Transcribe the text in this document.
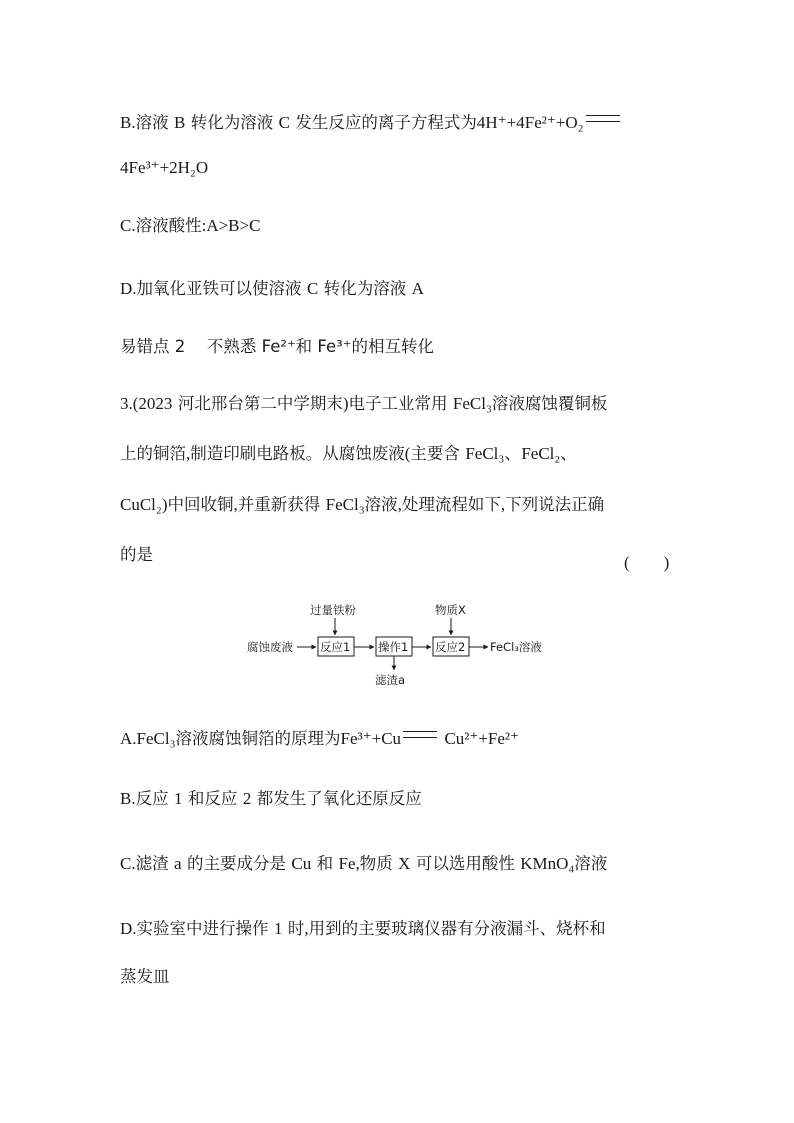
B.溶液 B 转化为溶液 C 发生反应的离子方程式为4H⁺+4Fe²⁺+O₂
4Fe³⁺+2H₂O
C.溶液酸性:A>B>C
D.加氧化亚铁可以使溶液 C 转化为溶液 A
易错点 2 不熟悉 Fe²⁺和 Fe³⁺的相互转化
3.(2023 河北邢台第二中学期末)电子工业常用 FeCl₃溶液腐蚀覆铜板
上的铜箔,制造印刷电路板。从腐蚀废液(主要含 FeCl₃、FeCl₂、
CuCl₂)中回收铜,并重新获得 FeCl₃溶液,处理流程如下,下列说法正确
的是	(　　)
腐蚀废液
过量铁粉
反应1 操作1
滤渣a
物质X
反应2 FeCl₃溶液
A.FeCl₃溶液腐蚀铜箔的原理为Fe³⁺+Cu	Cu²⁺+Fe²⁺
B.反应 1 和反应 2 都发生了氧化还原反应
C.滤渣 a 的主要成分是 Cu 和 Fe,物质 X 可以选用酸性 KMnO₄溶液
D.实验室中进行操作 1 时,用到的主要玻璃仪器有分液漏斗、烧杯和
蒸发皿
